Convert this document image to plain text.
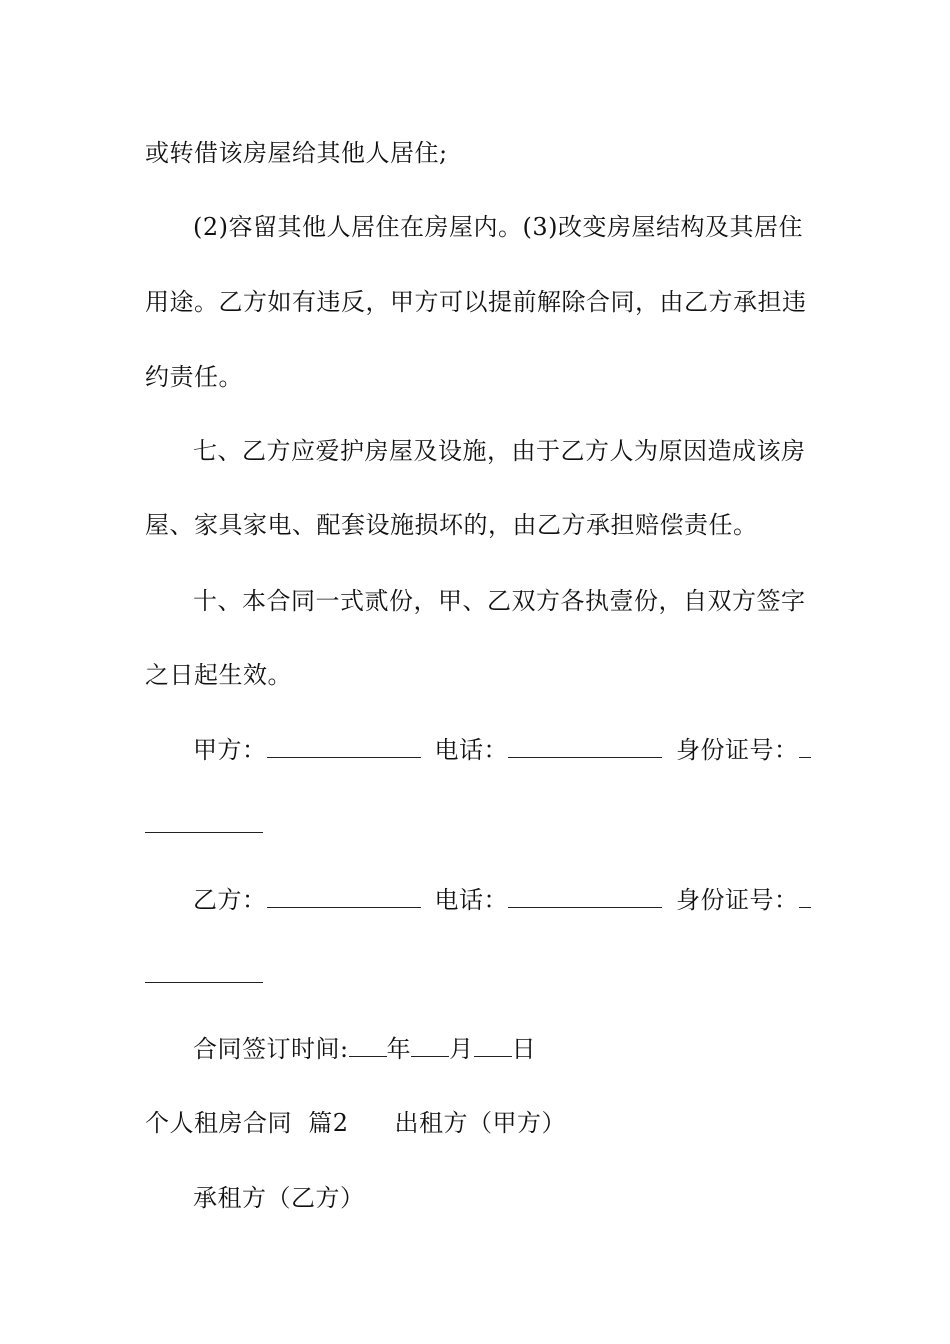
或转借该房屋给其他人居住;
(2)容留其他人居住在房屋内。(3)改变房屋结构及其居住
用途。乙方如有违反，甲方可以提前解除合同，由乙方承担违
约责任。
七、乙方应爱护房屋及设施，由于乙方人为原因造成该房
屋、家具家电、配套设施损坏的，由乙方承担赔偿责任。
十、本合同一式贰份，甲、乙双方各执壹份，自双方签字
之日起生效。
甲方：	电话：	身份证号：
乙方：	电话：	身份证号：
合同签订时间: 年 月 日
个人租房合同  篇2 出租方（甲方）
承租方（乙方）
